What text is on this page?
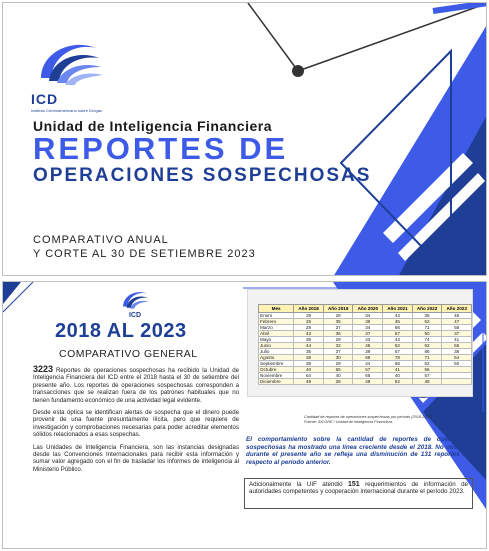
ICD
Instituto Centroamericano sobre Drogas
Unidad de Inteligencia Financiera
REPORTES DE
OPERACIONES SOSPECHOSAS
COMPARATIVO ANUAL
Y CORTE AL 30 DE SETIEMBRE 2023
ICD
2018 AL 2023
COMPARATIVO GENERAL

3223 Reportes de operaciones sospechosas ha recibido la Unidad de Inteligencia Financiera del ICD entre el 2018 hasta el 30 de setiembre del presente año. Los reportes de operaciones sospechosas corresponden a transacciones que se realizan fuera de los patrones habituales que no tienen fundamento económico de una actividad legal evidente.

Desde esta óptica se identifican alertas de sospecha que el dinero puede provenir de una fuente presuntamente ilícita, pero que requiere de investigación y comprobaciones necesarias para poder acreditar elementos sólidos relacionados a esas sospechas.

Las Unidades de Inteligencia Financiera, son las instancias designadas desde las Convenciones Internacionales para recibir esta información y sumar valor agregado con el fin de trasladar los informes de inteligencia al Ministerio Público.

Mes	Año 2018	Año 2019	Año 2020	Año 2021	Año 2022	Año 2023
Enero	29	28	34	44	35	46
Febrero	26	35	36	45	53	47
Marzo	28	27	34	56	71	58
Abril	43	36	37	57	50	37
Mayo	39	29	43	44	74	41
Junio	44	32	45	62	62	56
Julio	35	37	39	57	86	38
Agosto	38	30	66	78	71	54
Septiembre	38	29	44	66	52	50
Octubre	40	65	57	41	56	
Noviembre	64	40	65	40	57	
Diciembre	49	28	49	52	49	
Cantidad de reportes de operaciones sospechosas por período (2018-2023)
Fuente: SICORE / Unidad de Inteligencia Financiera.
El comportamiento sobre la cantidad de reportes de operaciones sospechosas ha mostrado una línea creciente desde el 2018. No obstante, durante el presente año se refleja una disminución de 131 reportes con respecto al período anterior.
Adicionalmente la UIF atendió 151 requerimientos de información de autoridades competentes y cooperación internacional durante el período 2023.
